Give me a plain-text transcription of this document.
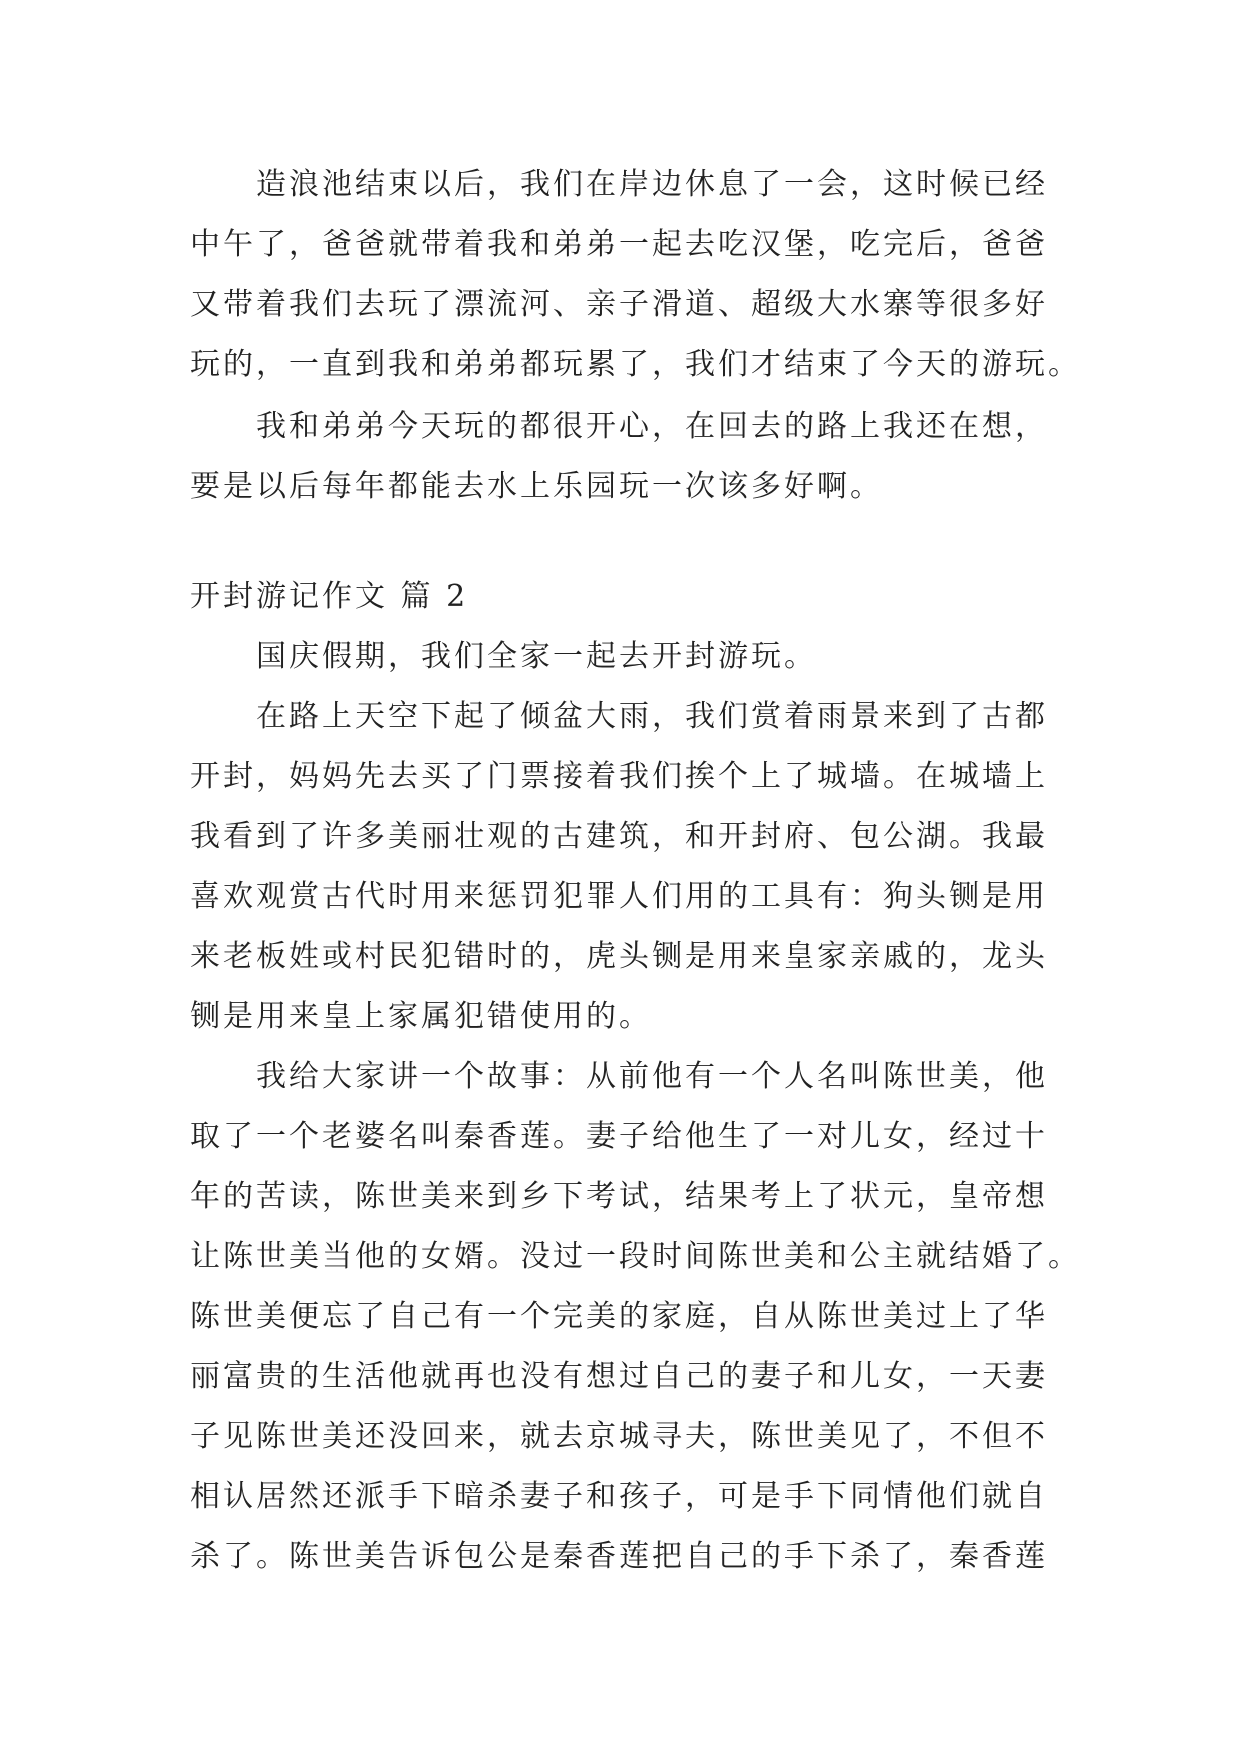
造浪池结束以后，我们在岸边休息了一会，这时候已经
中午了，爸爸就带着我和弟弟一起去吃汉堡，吃完后，爸爸
又带着我们去玩了漂流河、亲子滑道、超级大水寨等很多好
玩的，一直到我和弟弟都玩累了，我们才结束了今天的游玩。
我和弟弟今天玩的都很开心，在回去的路上我还在想，
要是以后每年都能去水上乐园玩一次该多好啊。
开封游记作文 篇 2
国庆假期，我们全家一起去开封游玩。
在路上天空下起了倾盆大雨，我们赏着雨景来到了古都
开封，妈妈先去买了门票接着我们挨个上了城墙。在城墙上
我看到了许多美丽壮观的古建筑，和开封府、包公湖。我最
喜欢观赏古代时用来惩罚犯罪人们用的工具有：狗头铡是用
来老板姓或村民犯错时的，虎头铡是用来皇家亲戚的，龙头
铡是用来皇上家属犯错使用的。
我给大家讲一个故事：从前他有一个人名叫陈世美，他
取了一个老婆名叫秦香莲。妻子给他生了一对儿女，经过十
年的苦读，陈世美来到乡下考试，结果考上了状元，皇帝想
让陈世美当他的女婿。没过一段时间陈世美和公主就结婚了。
陈世美便忘了自己有一个完美的家庭，自从陈世美过上了华
丽富贵的生活他就再也没有想过自己的妻子和儿女，一天妻
子见陈世美还没回来，就去京城寻夫，陈世美见了，不但不
相认居然还派手下暗杀妻子和孩子，可是手下同情他们就自
杀了。陈世美告诉包公是秦香莲把自己的手下杀了，秦香莲
